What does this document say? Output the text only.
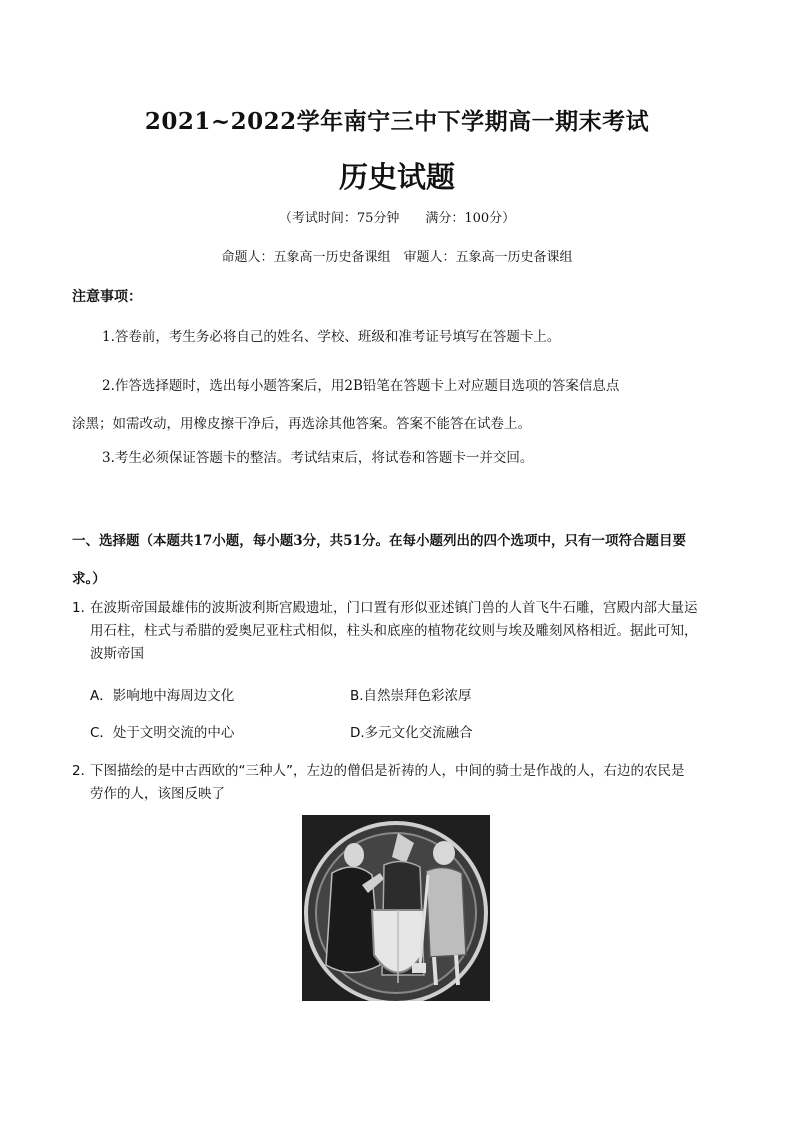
2021~2022学年南宁三中下学期高一期末考试
历史试题
（考试时间：75分钟　　满分：100分）
命题人：五象高一历史备课组　审题人：五象高一历史备课组
注意事项：
1.答卷前，考生务必将自己的姓名、学校、班级和准考证号填写在答题卡上。
2.作答选择题时，选出每小题答案后，用2B铅笔在答题卡上对应题目选项的答案信息点
涂黑；如需改动，用橡皮擦干净后，再选涂其他答案。答案不能答在试卷上。
3.考生必须保证答题卡的整洁。考试结束后，将试卷和答题卡一并交回。
一、选择题（本题共17小题，每小题3分，共51分。在每小题列出的四个选项中，只有一项符合题目要
求。）
1．
在波斯帝国最雄伟的波斯波利斯宫殿遗址，门口置有形似亚述镇门兽的人首飞牛石雕，宫殿内部大量运
用石柱，柱式与希腊的爱奥尼亚柱式相似，柱头和底座的植物花纹则与埃及雕刻风格相近。据此可知，
波斯帝国
A．影响地中海周边文化	B.自然崇拜色彩浓厚
C．处于文明交流的中心	D.多元文化交流融合
2．
下图描绘的是中古西欧的“三种人”，左边的僧侣是祈祷的人，中间的骑士是作战的人，右边的农民是
劳作的人，该图反映了
